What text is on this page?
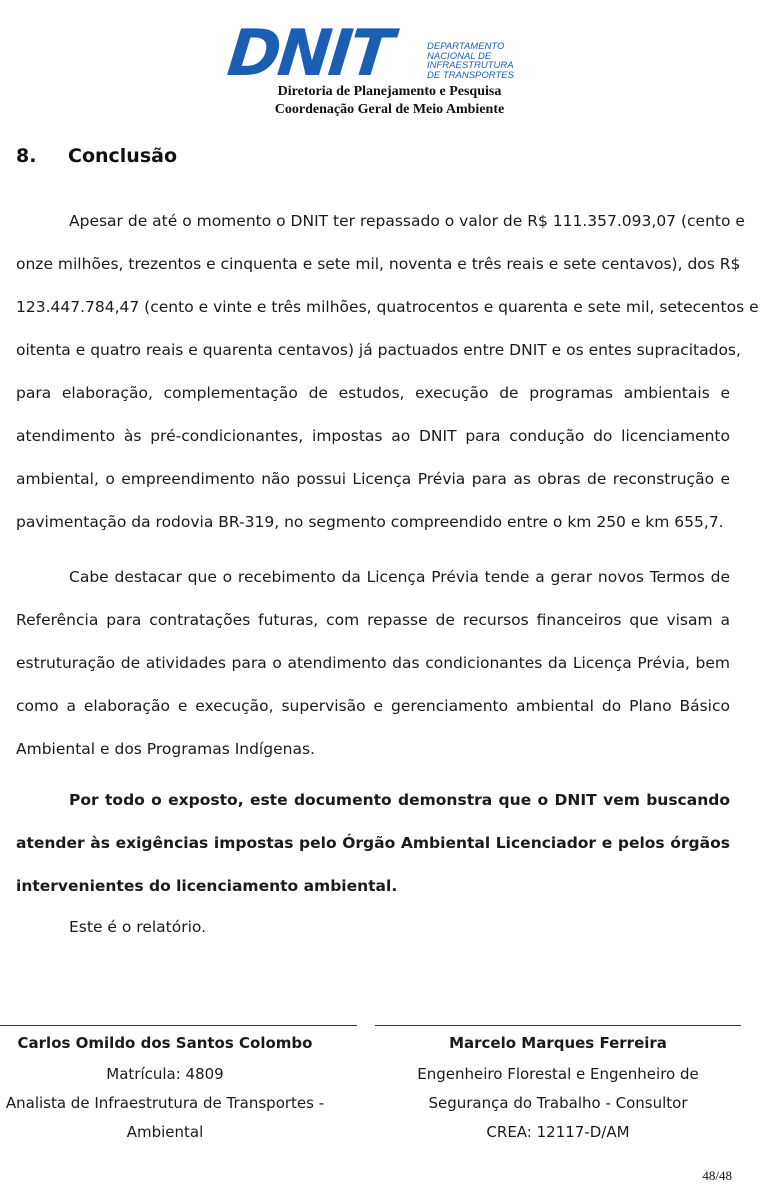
DNIT	DEPARTAMENTO
NACIONAL DE
INFRAESTRUTURA
DE TRANSPORTES
Diretoria de Planejamento e Pesquisa
Coordenação Geral de Meio Ambiente
8. Conclusão
Apesar de até o momento o DNIT ter repassado o valor de R$ 111.357.093,07 (cento e
onze milhões, trezentos e cinquenta e sete mil, noventa e três reais e sete centavos), dos R$
123.447.784,47 (cento e vinte e três milhões, quatrocentos e quarenta e sete mil, setecentos e
oitenta e quatro reais e quarenta centavos) já pactuados entre DNIT e os entes supracitados,
para elaboração, complementação de estudos, execução de programas ambientais e
atendimento às pré-condicionantes, impostas ao DNIT para condução do licenciamento
ambiental, o empreendimento não possui Licença Prévia para as obras de reconstrução e
pavimentação da rodovia BR-319, no segmento compreendido entre o km 250 e km 655,7.
Cabe destacar que o recebimento da Licença Prévia tende a gerar novos Termos de
Referência para contratações futuras, com repasse de recursos financeiros que visam a
estruturação de atividades para o atendimento das condicionantes da Licença Prévia, bem
como a elaboração e execução, supervisão e gerenciamento ambiental do Plano Básico
Ambiental e dos Programas Indígenas.
Por todo o exposto, este documento demonstra que o DNIT vem buscando
atender às exigências impostas pelo Órgão Ambiental Licenciador e pelos órgãos
intervenientes do licenciamento ambiental.
Este é o relatório.
Carlos Omildo dos Santos Colombo
Matrícula: 4809
Analista de Infraestrutura de Transportes -
Ambiental
Marcelo Marques Ferreira
Engenheiro Florestal e Engenheiro de
Segurança do Trabalho - Consultor
CREA: 12117-D/AM
48/48
